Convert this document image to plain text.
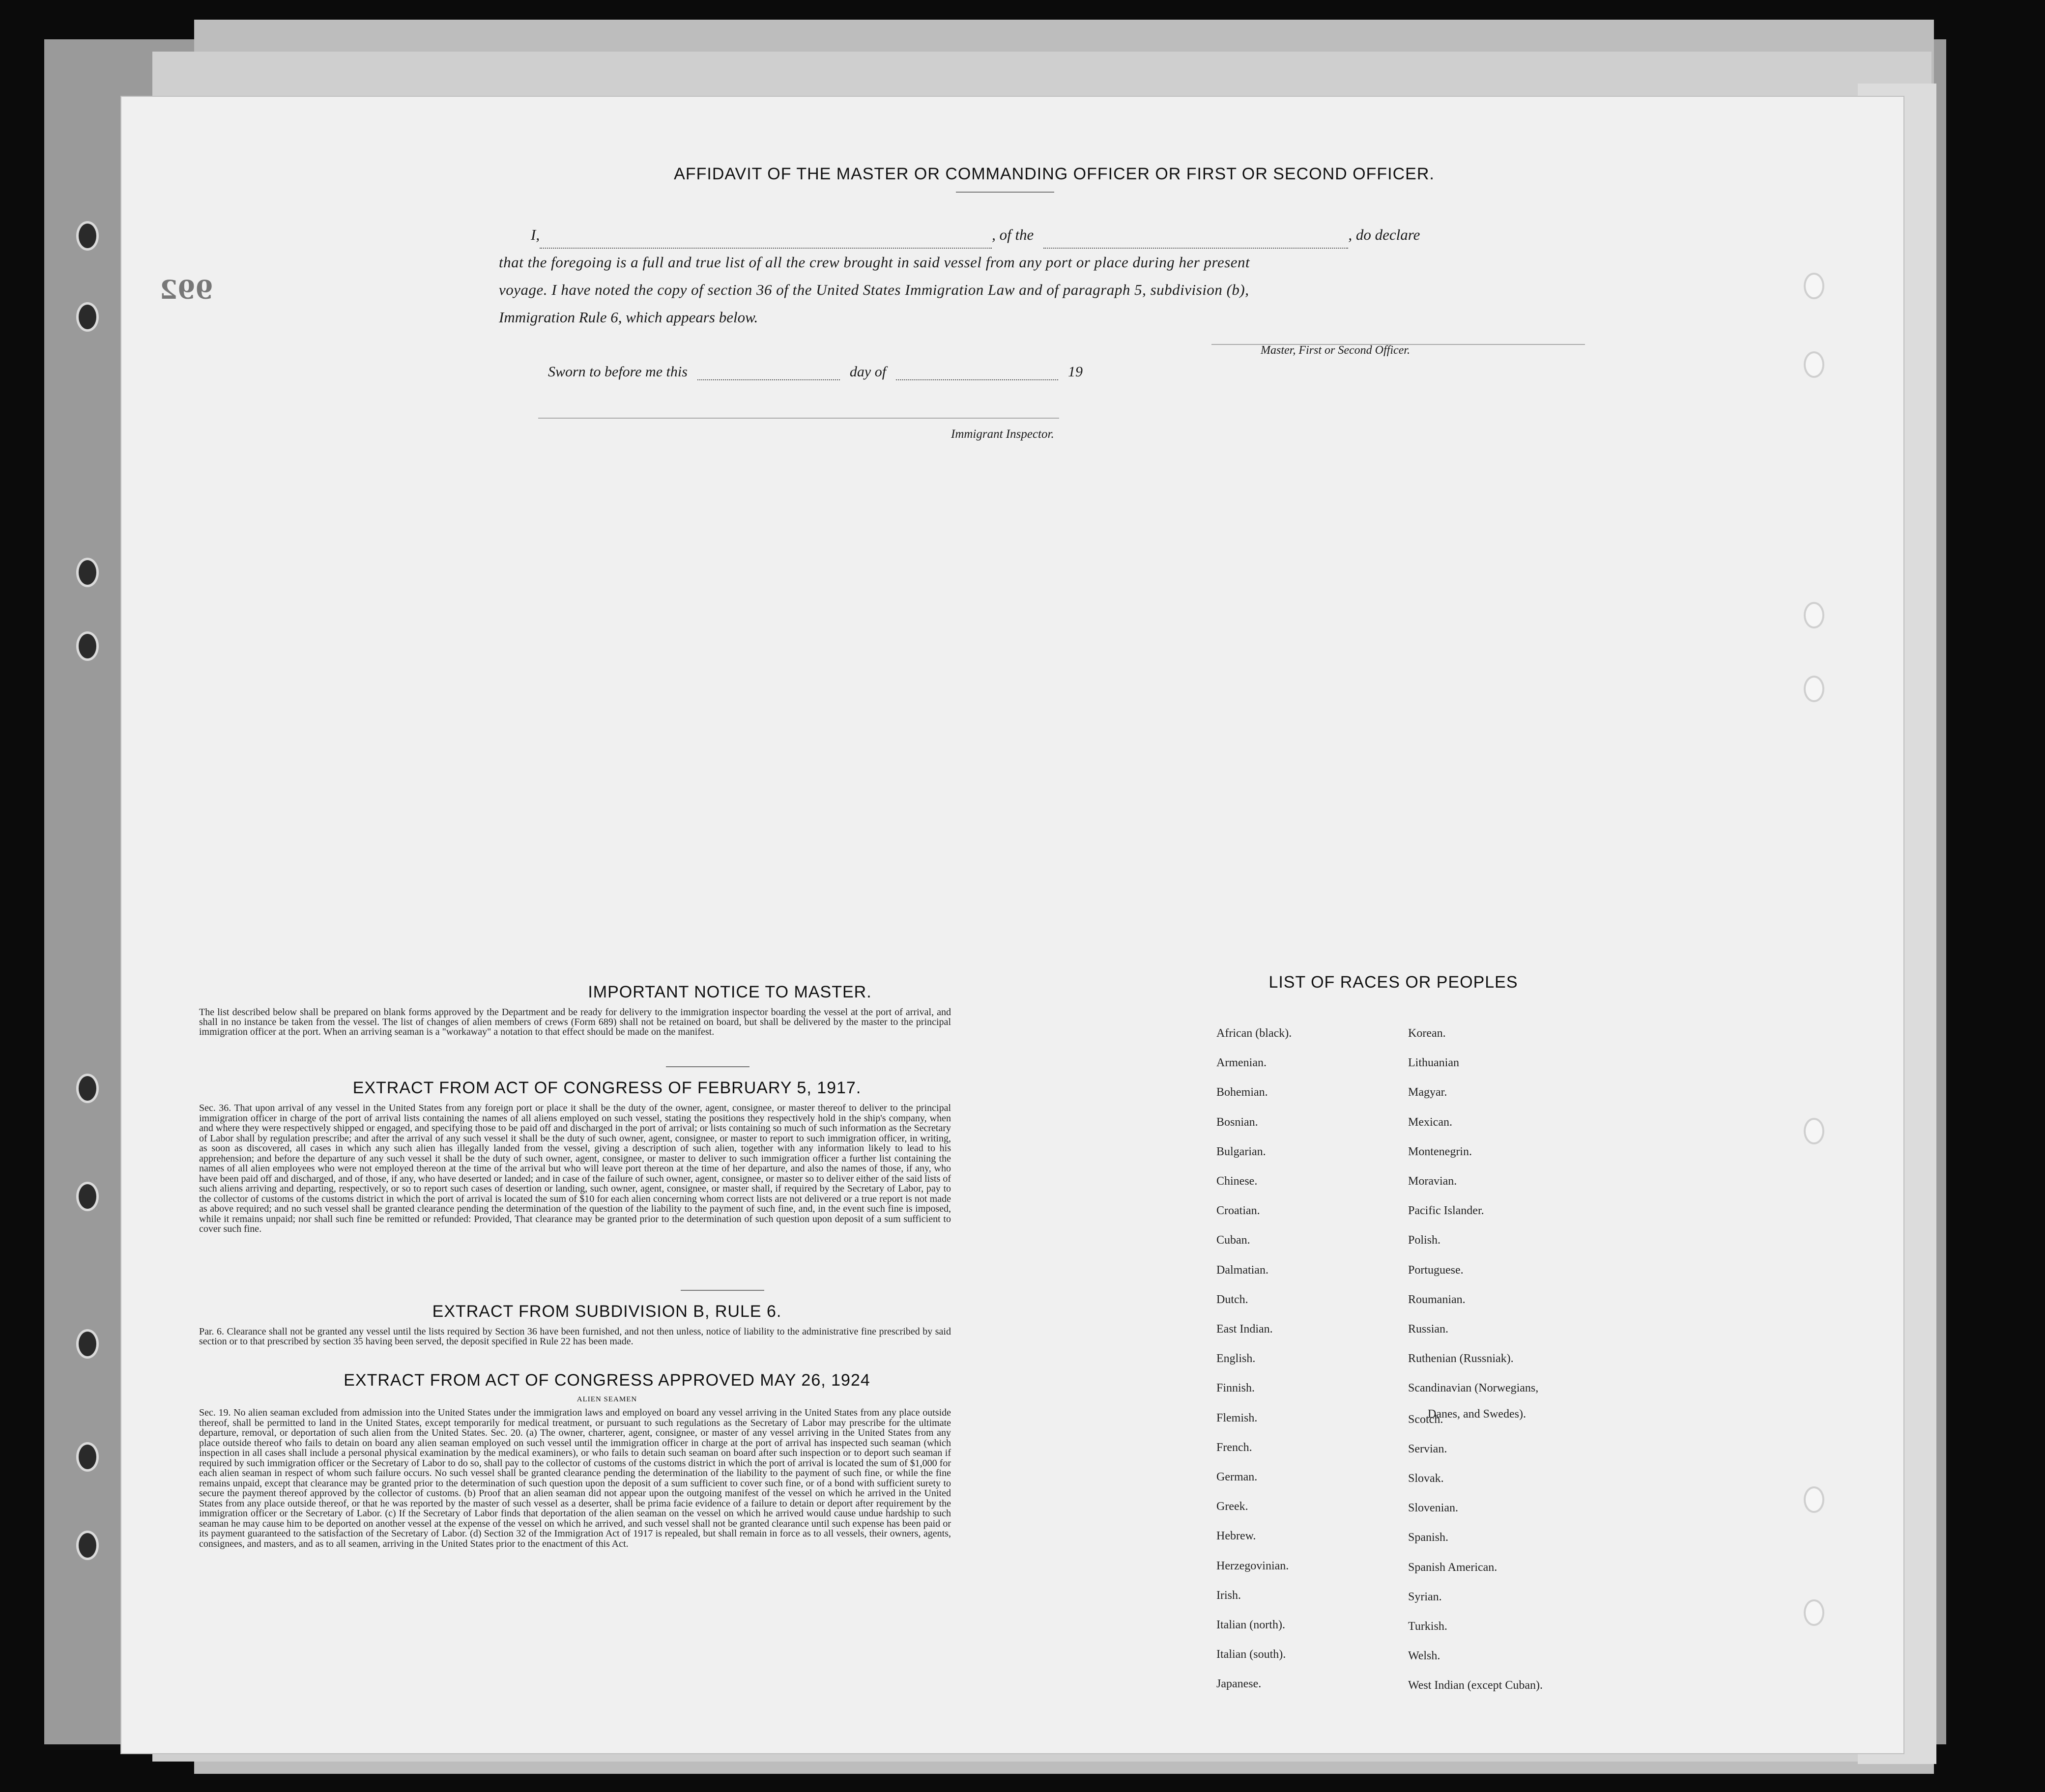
992
AFFIDAVIT OF THE MASTER OR COMMANDING OFFICER OR FIRST OR SECOND OFFICER.
I,	, of the	, do declare
that the foregoing is a full and true list of all the crew brought in said vessel from any port or place during her present
voyage. I have noted the copy of section 36 of the United States Immigration Law and of paragraph 5, subdivision (b),
Immigration Rule 6, which appears below.
Master, First or Second Officer.
Sworn to before me this	day of	19
Immigrant Inspector.
IMPORTANT NOTICE TO MASTER.
The list described below shall be prepared on blank forms approved by the Department and be ready for delivery to the immigration inspector boarding the vessel at the port of arrival, and shall in no instance be taken from the vessel. The list of changes of alien members of crews (Form 689) shall not be retained on board, but shall be delivered by the master to the principal immigration officer at the port. When an arriving seaman is a "workaway" a notation to that effect should be made on the manifest.
EXTRACT FROM ACT OF CONGRESS OF FEBRUARY 5, 1917.
Sec. 36. That upon arrival of any vessel in the United States from any foreign port or place it shall be the duty of the owner, agent, consignee, or master thereof to deliver to the principal immigration officer in charge of the port of arrival lists containing the names of all aliens employed on such vessel, stating the positions they respectively hold in the ship's company, when and where they were respectively shipped or engaged, and specifying those to be paid off and discharged in the port of arrival; or lists containing so much of such information as the Secretary of Labor shall by regulation prescribe; and after the arrival of any such vessel it shall be the duty of such owner, agent, consignee, or master to report to such immigration officer, in writing, as soon as discovered, all cases in which any such alien has illegally landed from the vessel, giving a description of such alien, together with any information likely to lead to his apprehension; and before the departure of any such vessel it shall be the duty of such owner, agent, consignee, or master to deliver to such immigration officer a further list containing the names of all alien employees who were not employed thereon at the time of the arrival but who will leave port thereon at the time of her departure, and also the names of those, if any, who have been paid off and discharged, and of those, if any, who have deserted or landed; and in case of the failure of such owner, agent, consignee, or master so to deliver either of the said lists of such aliens arriving and departing, respectively, or so to report such cases of desertion or landing, such owner, agent, consignee, or master shall, if required by the Secretary of Labor, pay to the collector of customs of the customs district in which the port of arrival is located the sum of $10 for each alien concerning whom correct lists are not delivered or a true report is not made as above required; and no such vessel shall be granted clearance pending the determination of the question of the liability to the payment of such fine, and, in the event such fine is imposed, while it remains unpaid; nor shall such fine be remitted or refunded: Provided, That clearance may be granted prior to the determination of such question upon deposit of a sum sufficient to cover such fine.
EXTRACT FROM SUBDIVISION B, RULE 6.
Par. 6. Clearance shall not be granted any vessel until the lists required by Section 36 have been furnished, and not then unless, notice of liability to the administrative fine prescribed by said section or to that prescribed by section 35 having been served, the deposit specified in Rule 22 has been made.
EXTRACT FROM ACT OF CONGRESS APPROVED MAY 26, 1924
ALIEN SEAMEN
Sec. 19. No alien seaman excluded from admission into the United States under the immigration laws and employed on board any vessel arriving in the United States from any place outside thereof, shall be permitted to land in the United States, except temporarily for medical treatment, or pursuant to such regulations as the Secretary of Labor may prescribe for the ultimate departure, removal, or deportation of such alien from the United States. Sec. 20. (a) The owner, charterer, agent, consignee, or master of any vessel arriving in the United States from any place outside thereof who fails to detain on board any alien seaman employed on such vessel until the immigration officer in charge at the port of arrival has inspected such seaman (which inspection in all cases shall include a personal physical examination by the medical examiners), or who fails to detain such seaman on board after such inspection or to deport such seaman if required by such immigration officer or the Secretary of Labor to do so, shall pay to the collector of customs of the customs district in which the port of arrival is located the sum of $1,000 for each alien seaman in respect of whom such failure occurs. No such vessel shall be granted clearance pending the determination of the liability to the payment of such fine, or while the fine remains unpaid, except that clearance may be granted prior to the determination of such question upon the deposit of a sum sufficient to cover such fine, or of a bond with sufficient surety to secure the payment thereof approved by the collector of customs. (b) Proof that an alien seaman did not appear upon the outgoing manifest of the vessel on which he arrived in the United States from any place outside thereof, or that he was reported by the master of such vessel as a deserter, shall be prima facie evidence of a failure to detain or deport after requirement by the immigration officer or the Secretary of Labor. (c) If the Secretary of Labor finds that deportation of the alien seaman on the vessel on which he arrived would cause undue hardship to such seaman he may cause him to be deported on another vessel at the expense of the vessel on which he arrived, and such vessel shall not be granted clearance until such expense has been paid or its payment guaranteed to the satisfaction of the Secretary of Labor. (d) Section 32 of the Immigration Act of 1917 is repealed, but shall remain in force as to all vessels, their owners, agents, consignees, and masters, and as to all seamen, arriving in the United States prior to the enactment of this Act.
LIST OF RACES OR PEOPLES
African (black).
Armenian.
Bohemian.
Bosnian.
Bulgarian.
Chinese.
Croatian.
Cuban.
Dalmatian.
Dutch.
East Indian.
English.
Finnish.
Flemish.
French.
German.
Greek.
Hebrew.
Herzegovinian.
Irish.
Italian (north).
Italian (south).
Japanese.
Korean.
Lithuanian
Magyar.
Mexican.
Montenegrin.
Moravian.
Pacific Islander.
Polish.
Portuguese.
Roumanian.
Russian.
Ruthenian (Russniak).
Scandinavian (Norwegians,
Scotch.
Servian.
Slovak.
Slovenian.
Spanish.
Spanish American.
Syrian.
Turkish.
Welsh.
West Indian (except Cuban).
Danes, and Swedes).
